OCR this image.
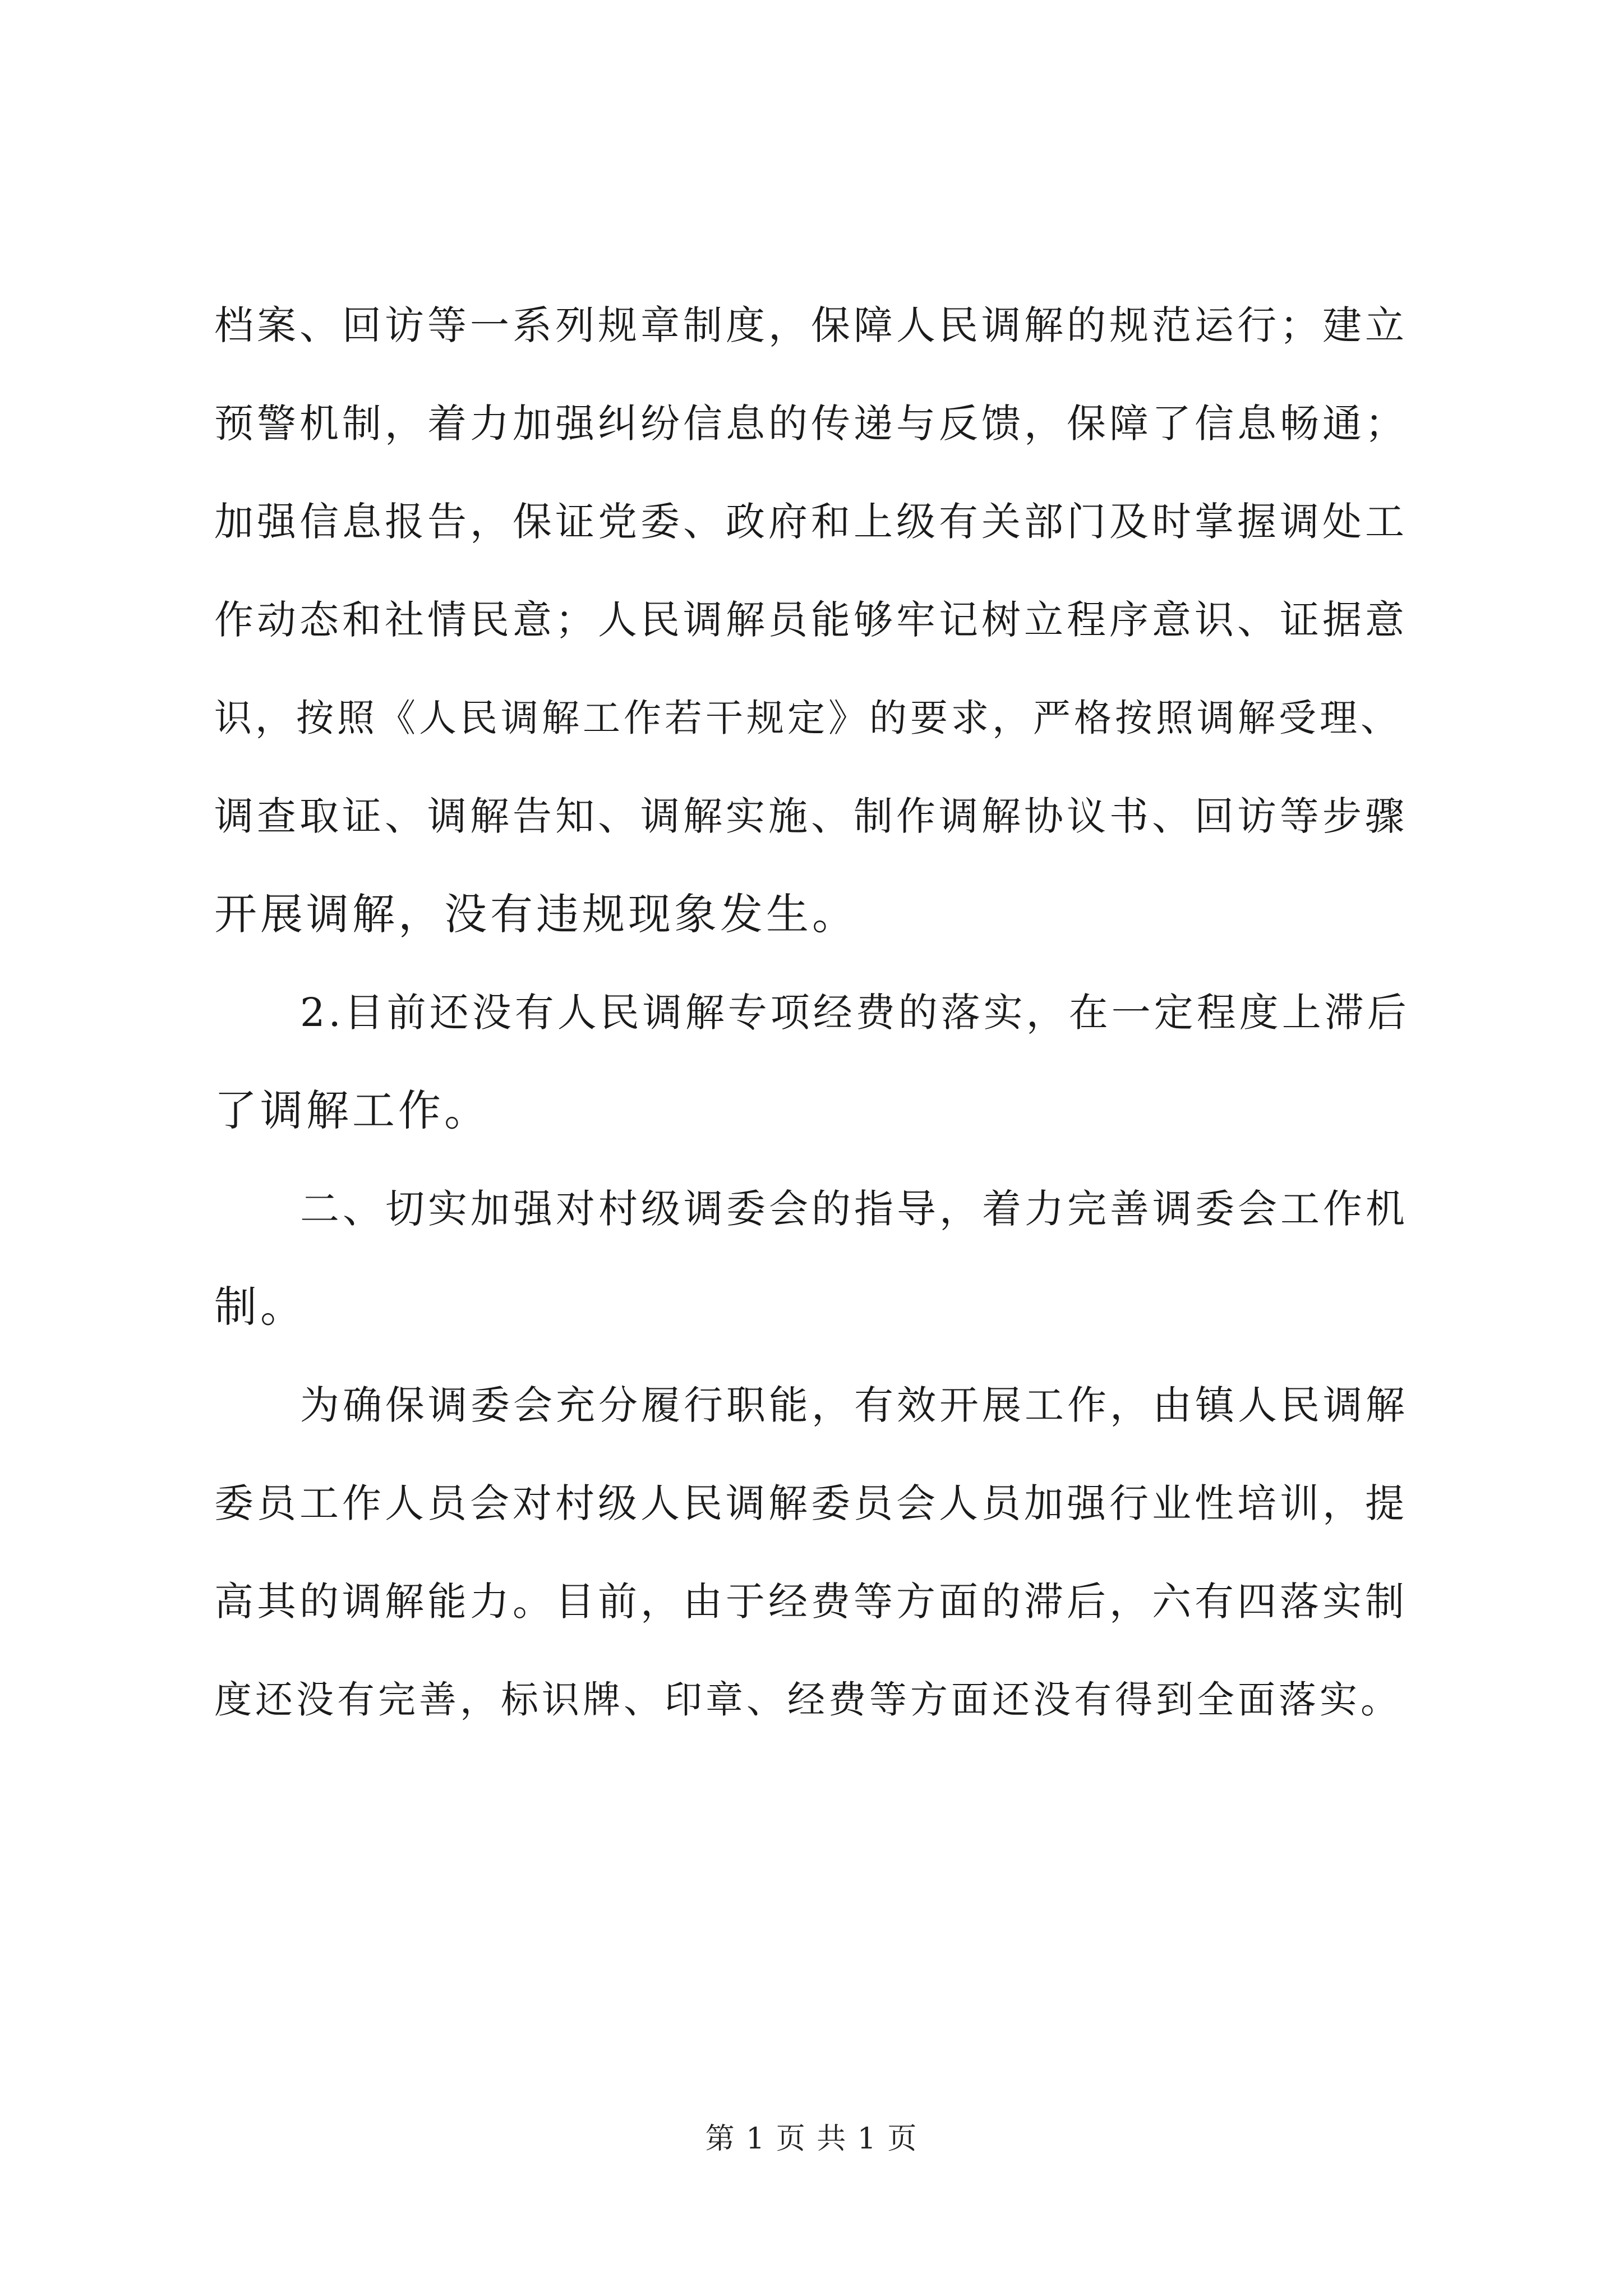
档案、回访等一系列规章制度，保障人民调解的规范运行；建立

预警机制，着力加强纠纷信息的传递与反馈，保障了信息畅通；

加强信息报告，保证党委、政府和上级有关部门及时掌握调处工

作动态和社情民意；人民调解员能够牢记树立程序意识、证据意

识，按照《人民调解工作若干规定》的要求，严格按照调解受理、

调查取证、调解告知、调解实施、制作调解协议书、回访等步骤

开展调解，没有违规现象发生。

2.目前还没有人民调解专项经费的落实，在一定程度上滞后

了调解工作。

二、切实加强对村级调委会的指导，着力完善调委会工作机

制。

为确保调委会充分履行职能，有效开展工作，由镇人民调解

委员工作人员会对村级人民调解委员会人员加强行业性培训，提

高其的调解能力。目前，由于经费等方面的滞后，六有四落实制

度还没有完善，标识牌、印章、经费等方面还没有得到全面落实。

第 1 页 共 1 页
